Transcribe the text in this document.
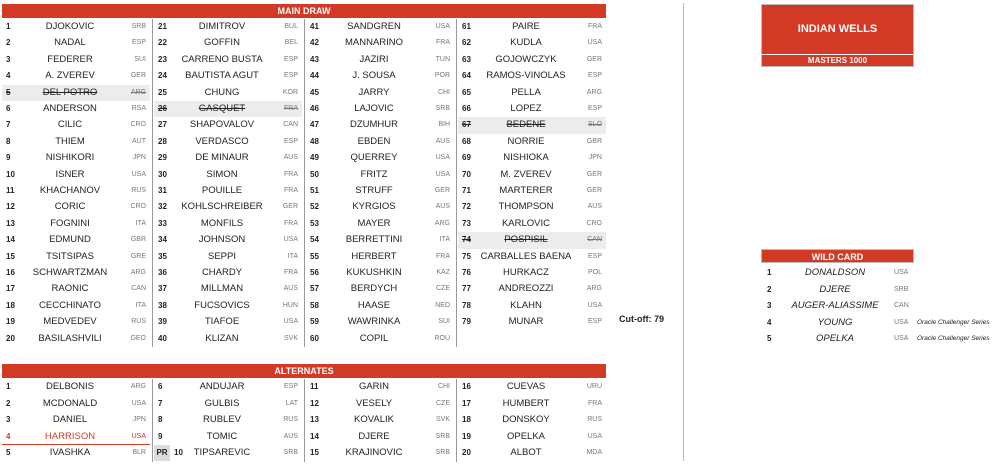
MAIN DRAW
1	DJOKOVIC	SRB
2	NADAL	ESP
3	FEDERER	SUI
4	A. ZVEREV	GER
5	DEL POTRO	ARG
6	ANDERSON	RSA
7	CILIC	CRO
8	THIEM	AUT
9	NISHIKORI	JPN
10	ISNER	USA
11	KHACHANOV	RUS
12	CORIC	CRO
13	FOGNINI	ITA
14	EDMUND	GBR
15	TSITSIPAS	GRE
16	SCHWARTZMAN	ARG
17	RAONIC	CAN
18	CECCHINATO	ITA
19	MEDVEDEV	RUS
20	BASILASHVILI	GEO
21	DIMITROV	BUL
22	GOFFIN	BEL
23	CARRENO BUSTA	ESP
24	BAUTISTA AGUT	ESP
25	CHUNG	KOR
26	GASQUET	FRA
27	SHAPOVALOV	CAN
28	VERDASCO	ESP
29	DE MINAUR	AUS
30	SIMON	FRA
31	POUILLE	FRA
32	KOHLSCHREIBER	GER
33	MONFILS	FRA
34	JOHNSON	USA
35	SEPPI	ITA
36	CHARDY	FRA
37	MILLMAN	AUS
38	FUCSOVICS	HUN
39	TIAFOE	USA
40	KLIZAN	SVK
41	SANDGREN	USA
42	MANNARINO	FRA
43	JAZIRI	TUN
44	J. SOUSA	POR
45	JARRY	CHI
46	LAJOVIC	SRB
47	DZUMHUR	BIH
48	EBDEN	AUS
49	QUERREY	USA
50	FRITZ	USA
51	STRUFF	GER
52	KYRGIOS	AUS
53	MAYER	ARG
54	BERRETTINI	ITA
55	HERBERT	FRA
56	KUKUSHKIN	KAZ
57	BERDYCH	CZE
58	HAASE	NED
59	WAWRINKA	SUI
60	COPIL	ROU
61	PAIRE	FRA
62	KUDLA	USA
63	GOJOWCZYK	GER
64	RAMOS-VINOLAS	ESP
65	PELLA	ARG
66	LOPEZ	ESP
67	BEDENE	SLO
68	NORRIE	GBR
69	NISHIOKA	JPN
70	M. ZVEREV	GER
71	MARTERER	GER
72	THOMPSON	AUS
73	KARLOVIC	CRO
74	POSPISIL	CAN
75	CARBALLES BAENA	ESP
76	HURKACZ	POL
77	ANDREOZZI	ARG
78	KLAHN	USA
79	MUNAR	ESP
ALTERNATES
1	DELBONIS	ARG
2	MCDONALD	USA
3	DANIEL	JPN
4	HARRISON	USA
5	IVASHKA	BLR
6	ANDUJAR	ESP
7	GULBIS	LAT
8	RUBLEV	RUS
9	TOMIC	AUS
10	TIPSAREVIC	SRB
11	GARIN	CHI
12	VESELY	CZE
13	KOVALIK	SVK
14	DJERE	SRB
15	KRAJINOVIC	SRB
16	CUEVAS	URU
17	HUMBERT	FRA
18	DONSKOY	RUS
19	OPELKA	USA
20	ALBOT	MDA
PR
Cut-off: 79
INDIAN WELLS
MASTERS 1000
WILD CARD
1	DONALDSON	USA
2	DJERE	SRB
3	AUGER-ALIASSIME	CAN
4	YOUNG	USA Oracle Challenger Series
5	OPELKA	USA Oracle Challenger Series
